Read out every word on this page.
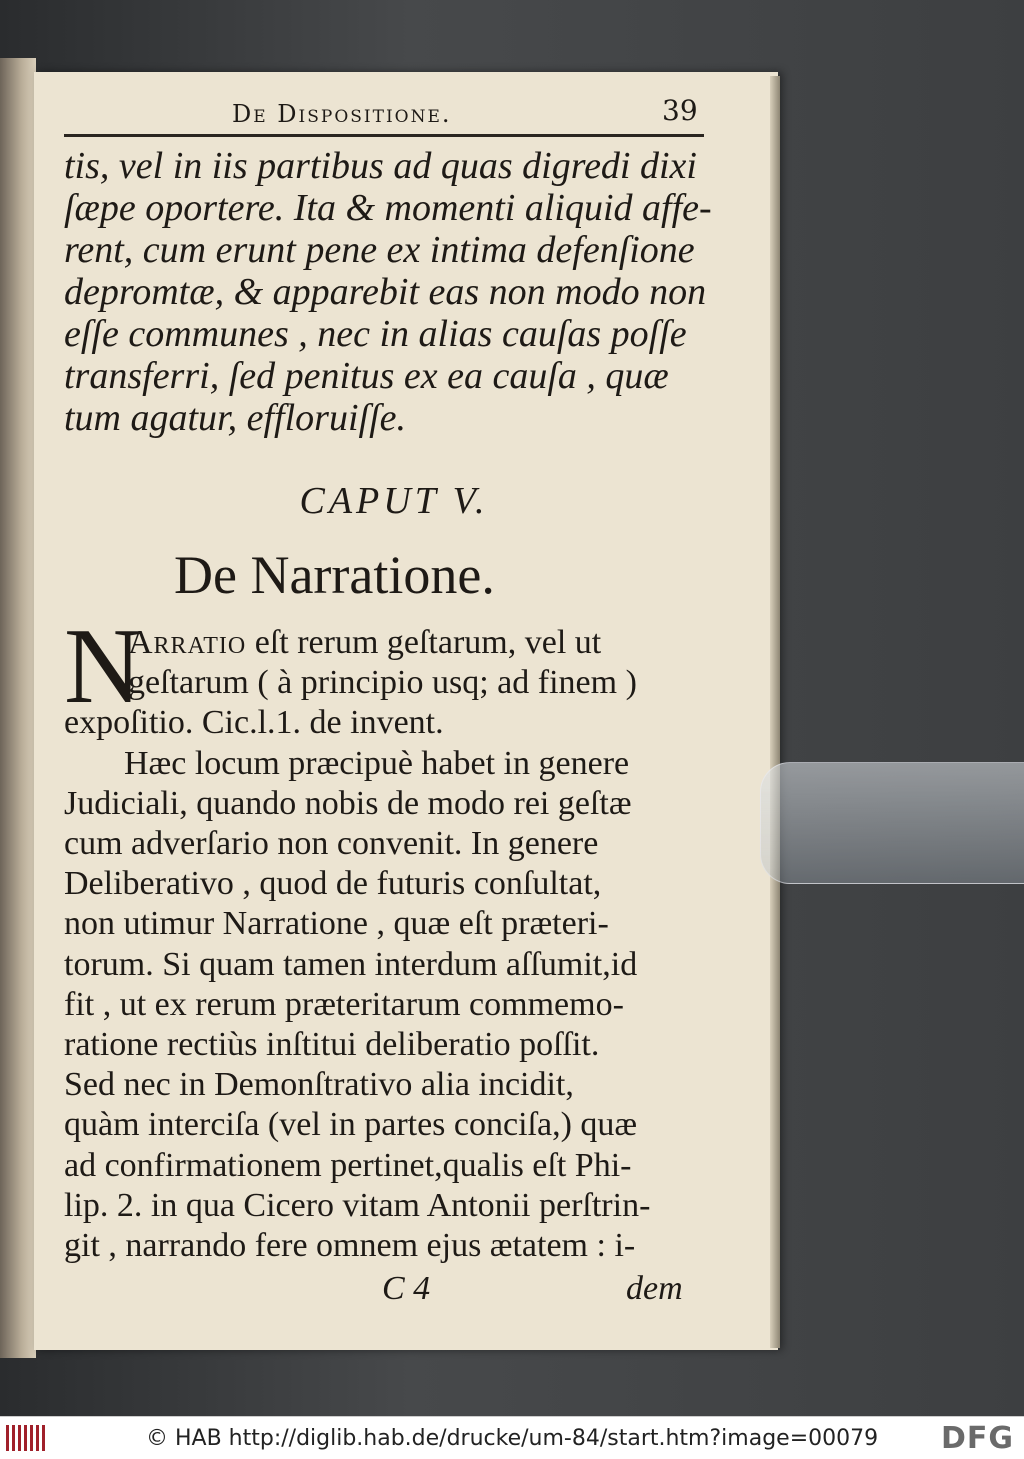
De Dispositione.	39

tis, vel in iis partibus ad quas digredi dixi

ſæpe oportere. Ita & momenti aliquid affe-

rent, cum erunt pene ex intima defenſione

depromtæ, & apparebit eas non modo non

eſſe communes , nec in alias cauſas poſſe

transferri, ſed penitus ex ea cauſa , quæ

tum agatur, effloruiſſe.

CAPUT V.
De Narratione.
N

Arratio eſt rerum geſtarum, vel ut

geſtarum ( à principio usq; ad finem )

expoſitio. Cic.l.1. de invent.

Hæc locum præcipuè habet in genere

Judiciali, quando nobis de modo rei geſtæ

cum adverſario non convenit. In genere

Deliberativo , quod de futuris conſultat,

non utimur Narratione , quæ eſt præteri-

torum. Si quam tamen interdum aſſumit,id

fit , ut ex rerum præteritarum commemo-

ratione rectiùs inſtitui deliberatio poſſit.

Sed nec in Demonſtrativo alia incidit,

quàm interciſa (vel in partes conciſa,) quæ

ad confirmationem pertinet,qualis eſt Phi-

lip. 2. in qua Cicero vitam Antonii perſtrin-

git , narrando fere omnem ejus ætatem : i-

C 4	dem
© HAB http://diglib.hab.de/drucke/um-84/start.htm?image=00079 DFG
